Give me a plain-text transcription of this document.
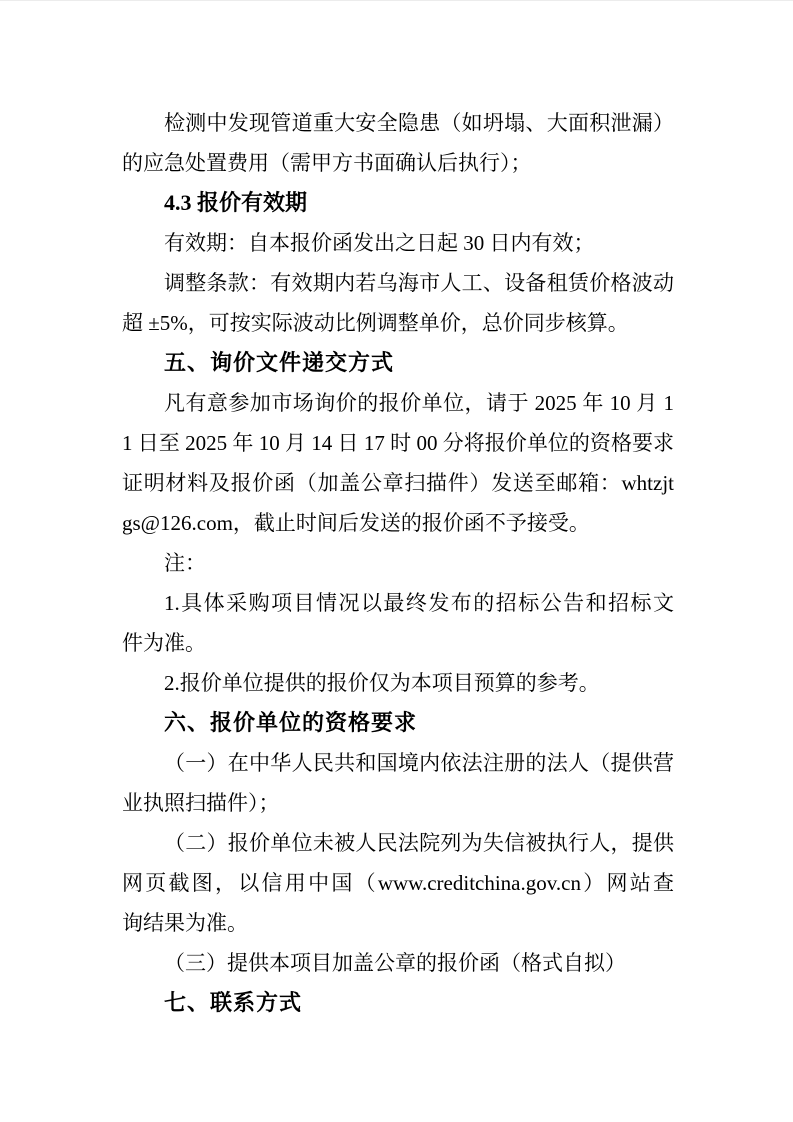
检测中发现管道重大安全隐患（如坍塌、大面积泄漏）
的应急处置费用（需甲方书面确认后执行）；
4.3 报价有效期
有效期：自本报价函发出之日起 30 日内有效；
调整条款：有效期内若乌海市人工、设备租赁价格波动
超 ±5%，可按实际波动比例调整单价，总价同步核算。
五、询价文件递交方式
凡有意参加市场询价的报价单位，请于 2025 年 10 月 1
1 日至 2025 年 10 月 14 日 17 时 00 分将报价单位的资格要求
证明材料及报价函（加盖公章扫描件）发送至邮箱：whtzjt
gs@126.com，截止时间后发送的报价函不予接受。
注：
1.具体采购项目情况以最终发布的招标公告和招标文
件为准。
2.报价单位提供的报价仅为本项目预算的参考。
六、报价单位的资格要求
（一）在中华人民共和国境内依法注册的法人（提供营
业执照扫描件）；
（二）报价单位未被人民法院列为失信被执行人，提供
网页截图，以信用中国（www.creditchina.gov.cn）网站查
询结果为准。
（三）提供本项目加盖公章的报价函（格式自拟）
七、联系方式
